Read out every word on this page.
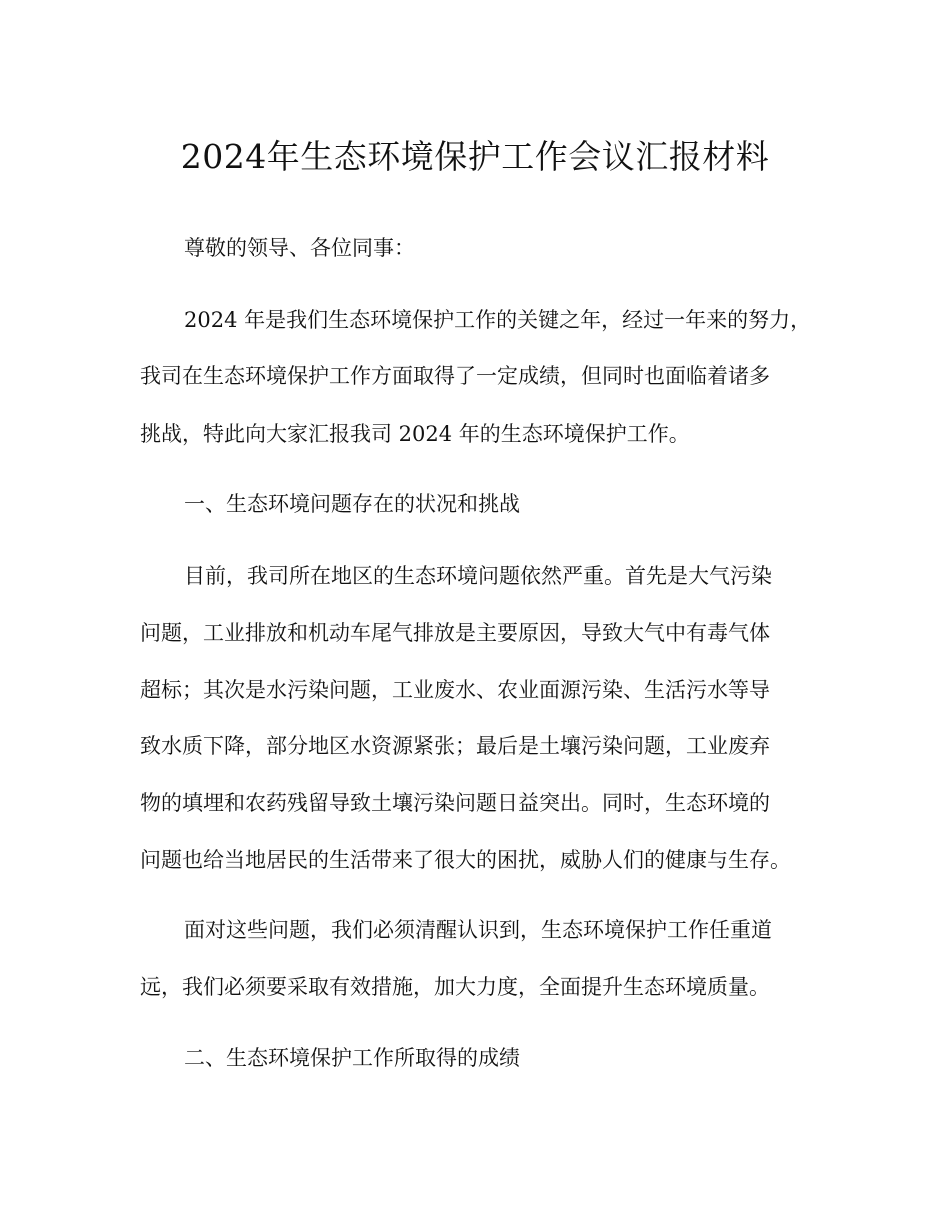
2024年生态环境保护工作会议汇报材料
尊敬的领导、各位同事：
2024 年是我们生态环境保护工作的关键之年，经过一年来的努力，
我司在生态环境保护工作方面取得了一定成绩，但同时也面临着诸多
挑战，特此向大家汇报我司 2024 年的生态环境保护工作。
一、生态环境问题存在的状况和挑战
目前，我司所在地区的生态环境问题依然严重。首先是大气污染
问题，工业排放和机动车尾气排放是主要原因，导致大气中有毒气体
超标；其次是水污染问题，工业废水、农业面源污染、生活污水等导
致水质下降，部分地区水资源紧张；最后是土壤污染问题，工业废弃
物的填埋和农药残留导致土壤污染问题日益突出。同时，生态环境的
问题也给当地居民的生活带来了很大的困扰，威胁人们的健康与生存。
面对这些问题，我们必须清醒认识到，生态环境保护工作任重道
远，我们必须要采取有效措施，加大力度，全面提升生态环境质量。
二、生态环境保护工作所取得的成绩
